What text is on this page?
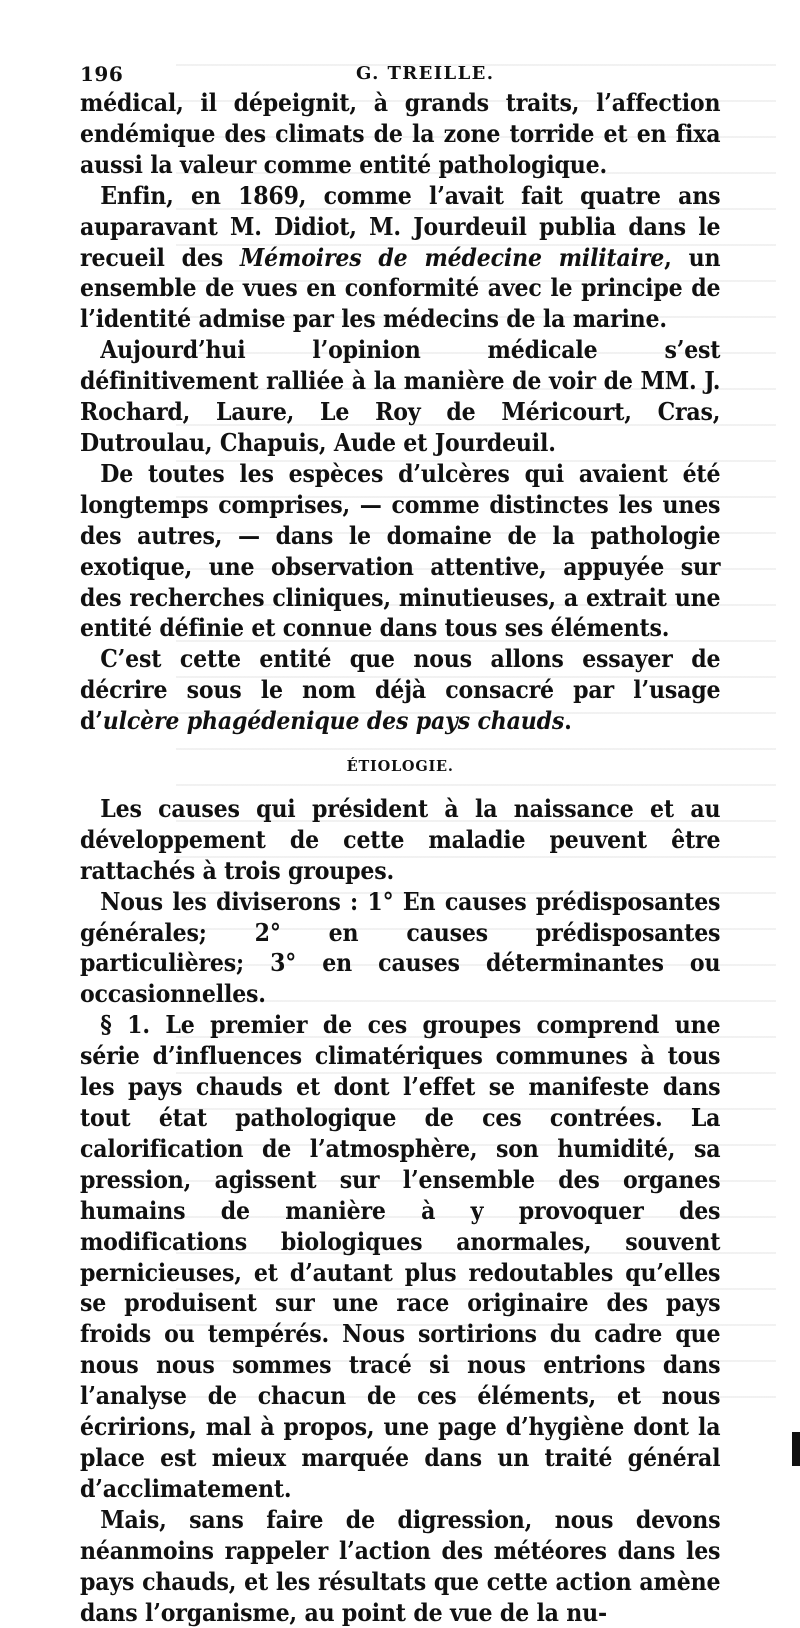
196	G. TREILLE.

médical, il dépeignit, à grands traits, l’affection endémique des climats de la zone torride et en fixa aussi la valeur comme entité pathologique.

Enfin, en 1869, comme l’avait fait quatre ans auparavant M. Didiot, M. Jourdeuil publia dans le recueil des Mémoires de médecine militaire, un ensemble de vues en conformité avec le principe de l’identité admise par les médecins de la marine.

Aujourd’hui l’opinion médicale s’est définitivement ralliée à la manière de voir de MM. J. Rochard, Laure, Le Roy de Méricourt, Cras, Dutroulau, Chapuis, Aude et Jourdeuil.

De toutes les espèces d’ulcères qui avaient été longtemps comprises, — comme distinctes les unes des autres, — dans le domaine de la pathologie exotique, une observation attentive, appuyée sur des recherches cliniques, minutieuses, a extrait une entité définie et connue dans tous ses éléments.

C’est cette entité que nous allons essayer de décrire sous le nom déjà consacré par l’usage d’ulcère phagédenique des pays chauds.

ÉTIOLOGIE.

Les causes qui président à la naissance et au développement de cette maladie peuvent être rattachés à trois groupes.

Nous les diviserons : 1° En causes prédisposantes générales; 2° en causes prédisposantes particulières; 3° en causes déterminantes ou occasionnelles.

§ 1. Le premier de ces groupes comprend une série d’influences climatériques communes à tous les pays chauds et dont l’effet se manifeste dans tout état pathologique de ces contrées. La calorification de l’atmosphère, son humidité, sa pression, agissent sur l’ensemble des organes humains de manière à y provoquer des modifications biologiques anormales, souvent pernicieuses, et d’autant plus redoutables qu’elles se produisent sur une race originaire des pays froids ou tempérés. Nous sortirions du cadre que nous nous sommes tracé si nous entrions dans l’analyse de chacun de ces éléments, et nous écririons, mal à propos, une page d’hygiène dont la place est mieux marquée dans un traité général d’acclimatement.

Mais, sans faire de digression, nous devons néanmoins rappeler l’action des météores dans les pays chauds, et les résultats que cette action amène dans l’organisme, au point de vue de la nu-
